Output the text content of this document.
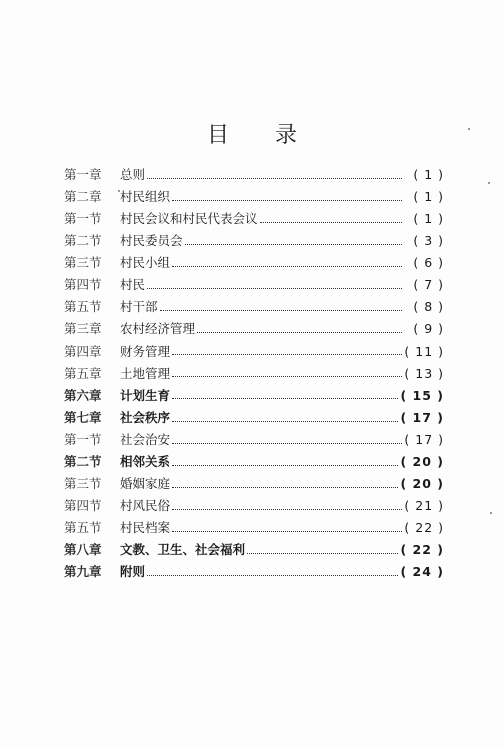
目 录
第一章	总则	( 1 )
第二章	村民组织	( 1 )
第一节	村民会议和村民代表会议	( 1 )
第二节	村民委员会	( 3 )
第三节	村民小组	( 6 )
第四节	村民	( 7 )
第五节	村干部	( 8 )
第三章	农村经济管理	( 9 )
第四章	财务管理	( 11 )
第五章	土地管理	( 13 )
第六章	计划生育	( 15 )
第七章	社会秩序	( 17 )
第一节	社会治安	( 17 )
第二节	相邻关系	( 20 )
第三节	婚姻家庭	( 20 )
第四节	村风民俗	( 21 )
第五节	村民档案	( 22 )
第八章	文教、卫生、社会福利	( 22 )
第九章	附则	( 24 )
